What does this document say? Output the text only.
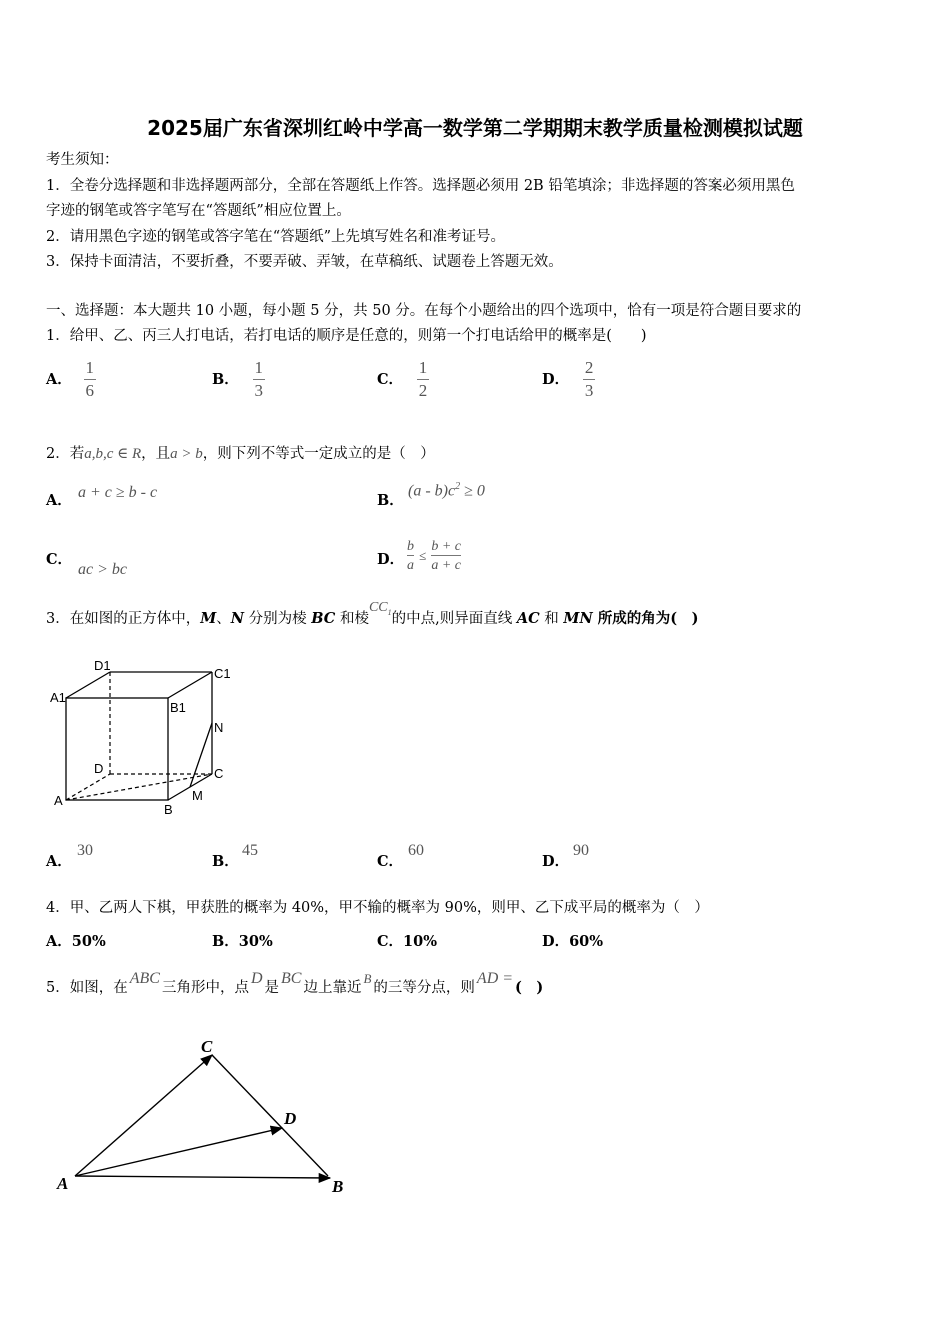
2025届广东省深圳红岭中学高一数学第二学期期末教学质量检测模拟试题
考生须知：
1．全卷分选择题和非选择题两部分，全部在答题纸上作答。选择题必须用 2B 铅笔填涂；非选择题的答案必须用黑色
字迹的钢笔或答字笔写在“答题纸”相应位置上。
2．请用黑色字迹的钢笔或答字笔在“答题纸”上先填写姓名和准考证号。
3．保持卡面清洁，不要折叠，不要弄破、弄皱，在草稿纸、试题卷上答题无效。
一、选择题：本大题共 10 小题，每小题 5 分，共 50 分。在每个小题给出的四个选项中，恰有一项是符合题目要求的
1．给甲、乙、丙三人打电话，若打电话的顺序是任意的，则第一个打电话给甲的概率是(　　)
A． $\frac{1}{6}$	B． $\frac{1}{3}$	C． $\frac{1}{2}$	D． $\frac{2}{3}$
2．若a,b,c ∈ R，且a > b，则下列不等式一定成立的是（　）
A． a + c ≥ b - c	B．
$(a - b)c^2 \ge 0$
C．
ac > bc
D． $\frac{b}{a} \le \frac{b + c}{a + c}$
3．在如图的正方体中，M、N 分别为棱 BC 和棱$CC_1$的中点,则异面直线 AC 和 MN 所成的角为(　)
D1
C1
A1
B1
N
D	C
A	M
B
A．
30
B．
45
C．
60
D．
90
4．甲、乙两人下棋，甲获胜的概率为 40%，甲不输的概率为 90%，则甲、乙下成平局的概率为（　）
A．50%	B．30%	C．10%	D．60%
5．如图，在ABC三角形中，点D是BC边上靠近B的三等分点，则AD =(　)
C
D
A	B
